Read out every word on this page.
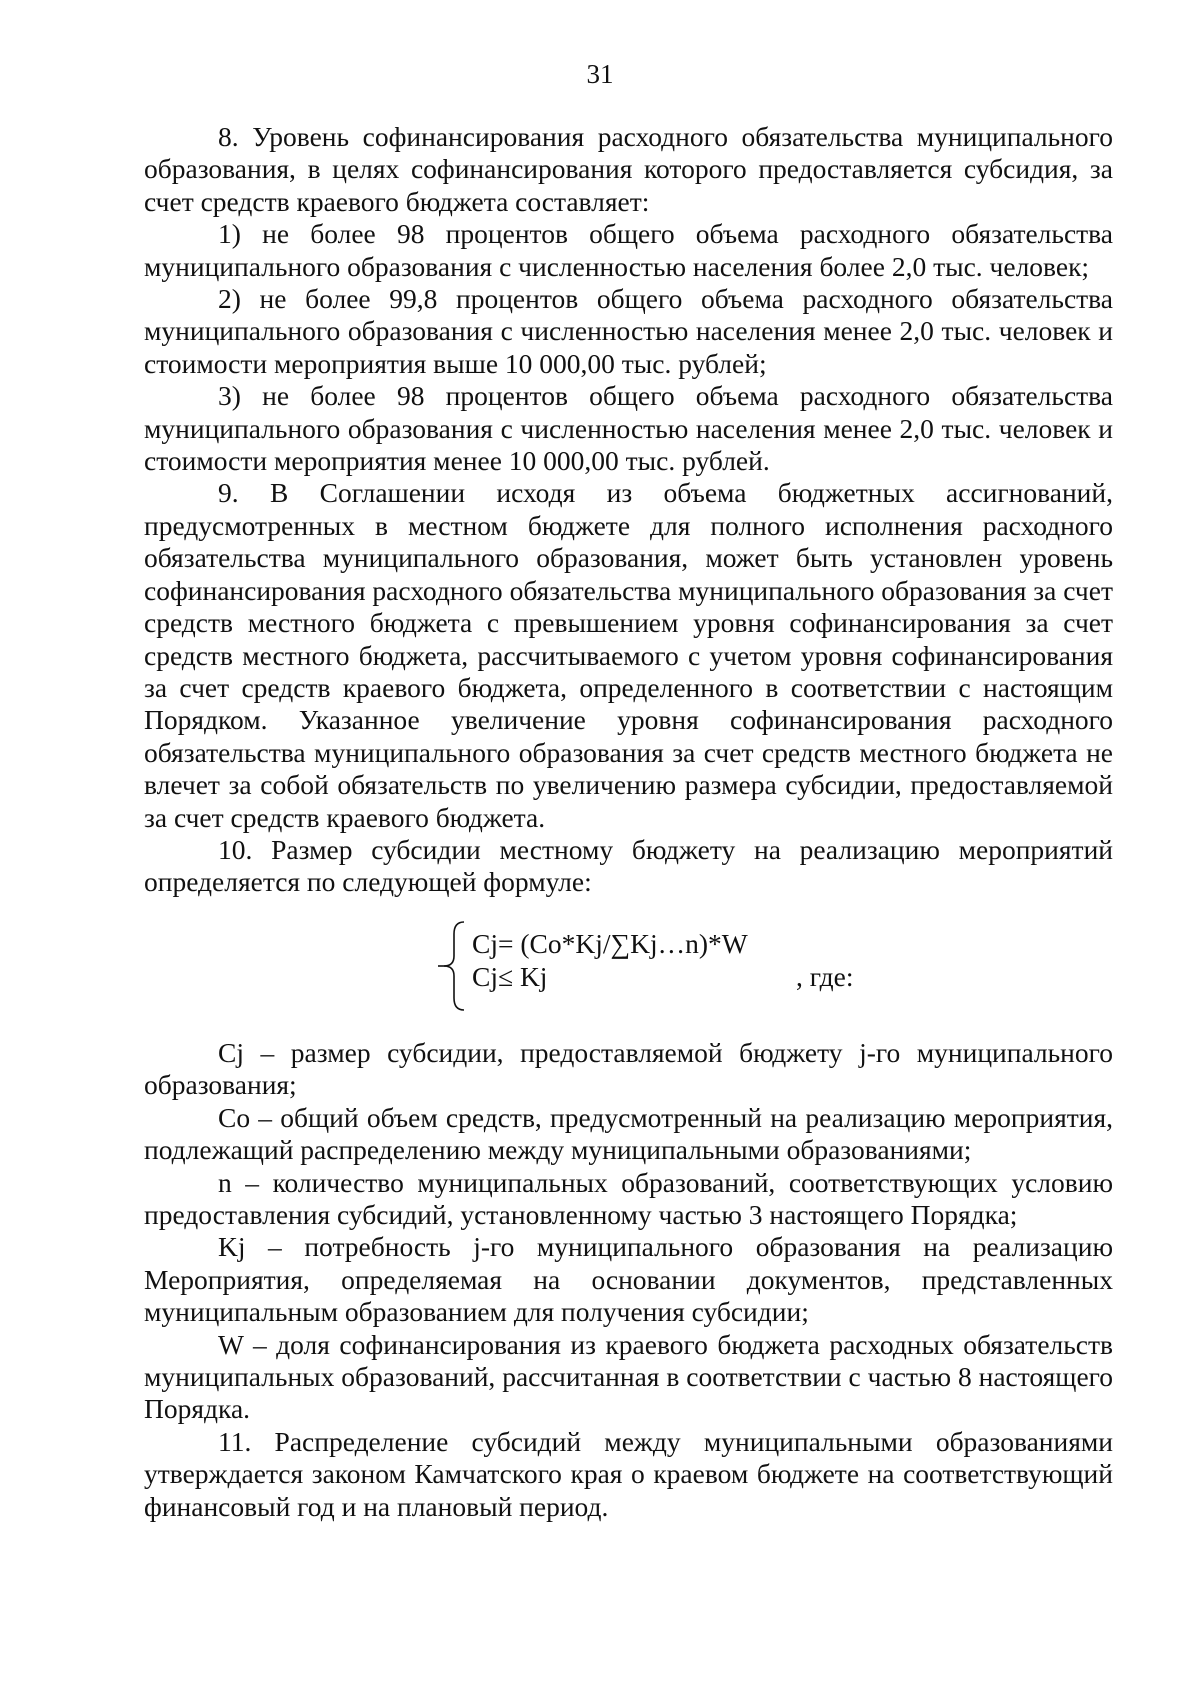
31

8. Уровень софинансирования расходного обязательства муниципального образования, в целях софинансирования которого предоставляется субсидия, за счет средств краевого бюджета составляет:

1) не более 98 процентов общего объема расходного обязательства муниципального образования с численностью населения более 2,0 тыс. человек;

2) не более 99,8 процентов общего объема расходного обязательства муниципального образования с численностью населения менее 2,0 тыс. человек и стоимости мероприятия выше 10 000,00 тыс. рублей;

3) не более 98 процентов общего объема расходного обязательства муниципального образования с численностью населения менее 2,0 тыс. человек и стоимости мероприятия менее 10 000,00 тыс. рублей.

9. В Соглашении исходя из объема бюджетных ассигнований, предусмотренных в местном бюджете для полного исполнения расходного обязательства муниципального образования, может быть установлен уровень софинансирования расходного обязательства муниципального образования за счет средств местного бюджета с превышением уровня софинансирования за счет средств местного бюджета, рассчитываемого с учетом уровня софинансирования за счет средств краевого бюджета, определенного в соответствии с настоящим Порядком. Указанное увеличение уровня софинансирования расходного обязательства муниципального образования за счет средств местного бюджета не влечет за собой обязательств по увеличению размера субсидии, предоставляемой за счет средств краевого бюджета.

10. Размер субсидии местному бюджету на реализацию мероприятий определяется по следующей формуле:

Cj= (Co*Kj/∑Kj…n)*W
Cj≤ Kj	, где:

Cj – размер субсидии, предоставляемой бюджету j-го муниципального образования;

Co – общий объем средств, предусмотренный на реализацию мероприятия, подлежащий распределению между муниципальными образованиями;

n – количество муниципальных образований, соответствующих условию предоставления субсидий, установленному частью 3 настоящего Порядка;

Kj – потребность j-го муниципального образования на реализацию Мероприятия, определяемая на основании документов, представленных муниципальным образованием для получения субсидии;

W – доля софинансирования из краевого бюджета расходных обязательств муниципальных образований, рассчитанная в соответствии с частью 8 настоящего Порядка.

11. Распределение субсидий между муниципальными образованиями утверждается законом Камчатского края о краевом бюджете на соответствующий финансовый год и на плановый период.
